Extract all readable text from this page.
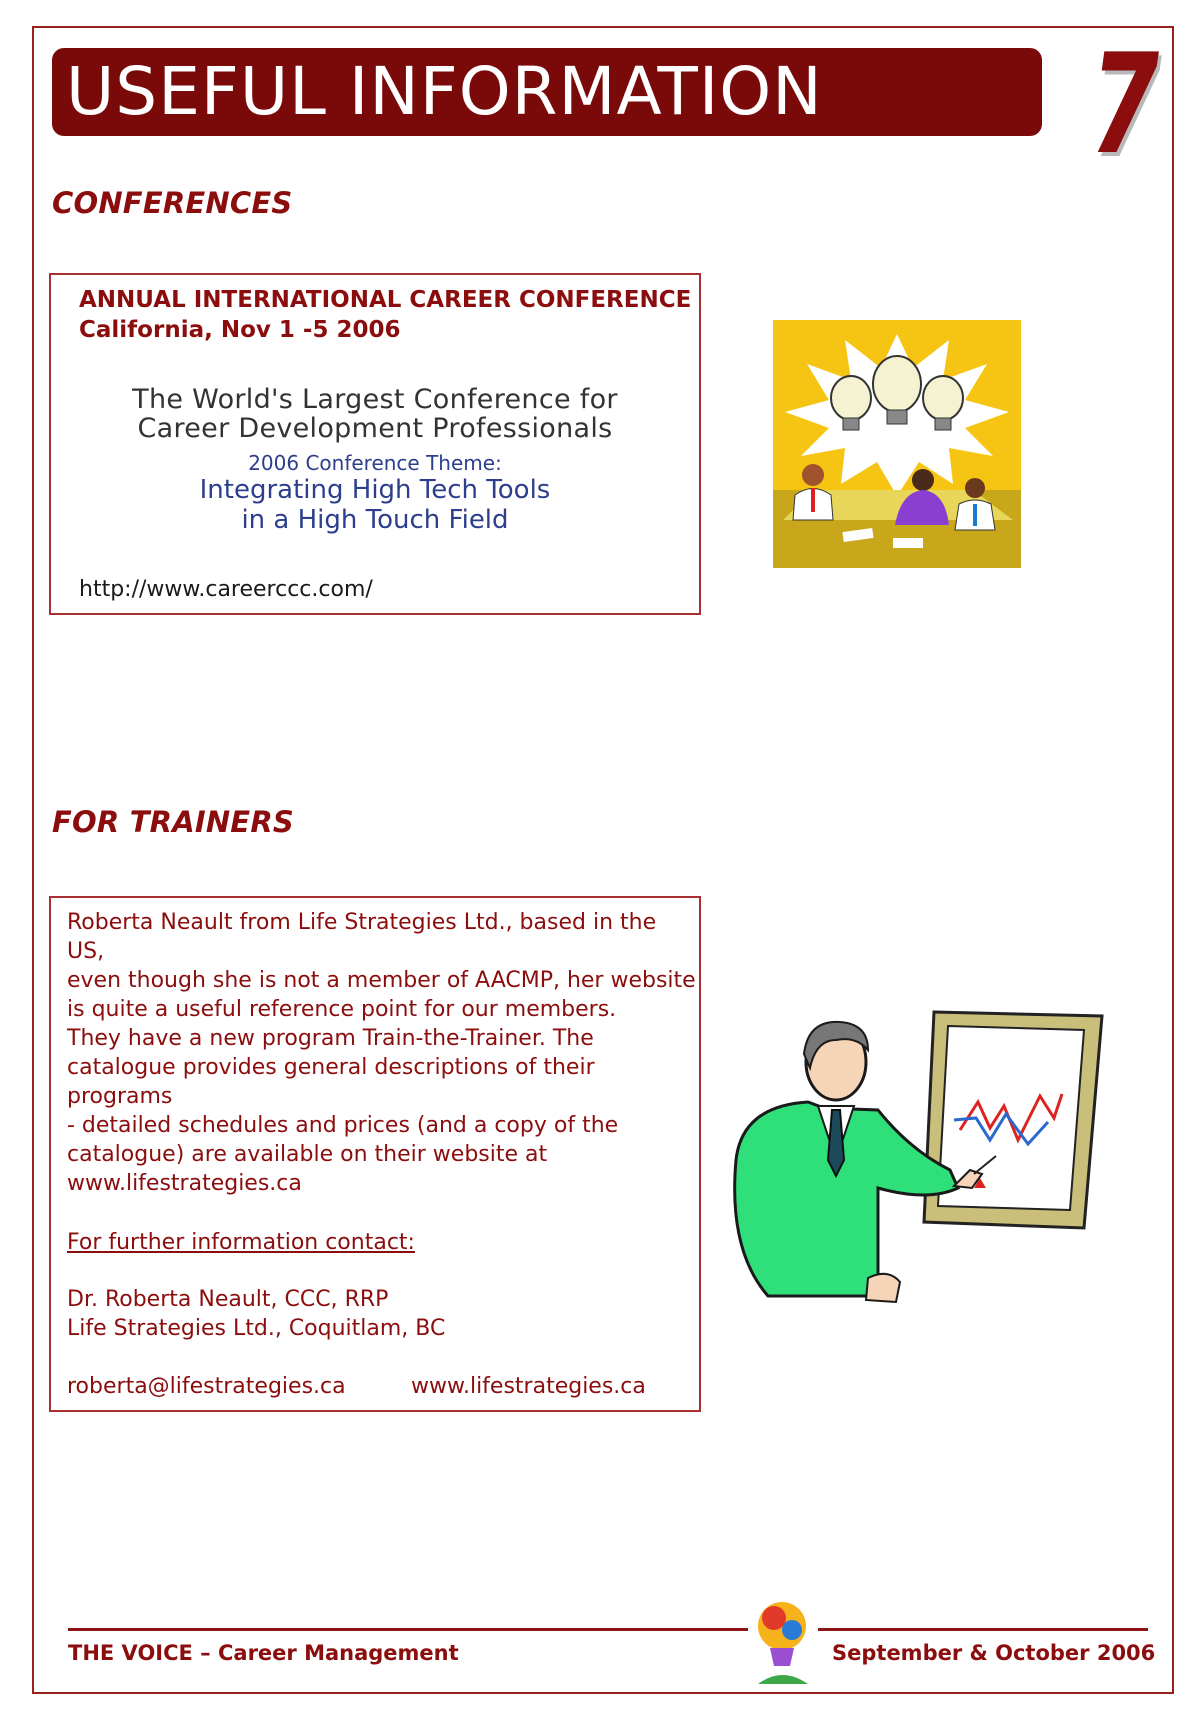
USEFUL INFORMATION 7
CONFERENCES
ANNUAL INTERNATIONAL CAREER CONFERENCE
California, Nov 1 -5 2006
The World's Largest Conference for
Career Development Professionals
2006 Conference Theme:
Integrating High Tech Tools
in a High Touch Field
http://www.careerccc.com/
FOR TRAINERS
Roberta Neault from Life Strategies Ltd., based in the US,
even though she is not a member of AACMP, her website
is quite a useful reference point for our members.
They have a new program Train-the-Trainer. The
catalogue provides general descriptions of their programs
- detailed schedules and prices (and a copy of the
catalogue) are available on their website at
www.lifestrategies.ca
For further information contact:
Dr. Roberta Neault, CCC, RRP
Life Strategies Ltd., Coquitlam, BC
roberta@lifestrategies.ca	www.lifestrategies.ca
THE VOICE – Career Management	September & October 2006
